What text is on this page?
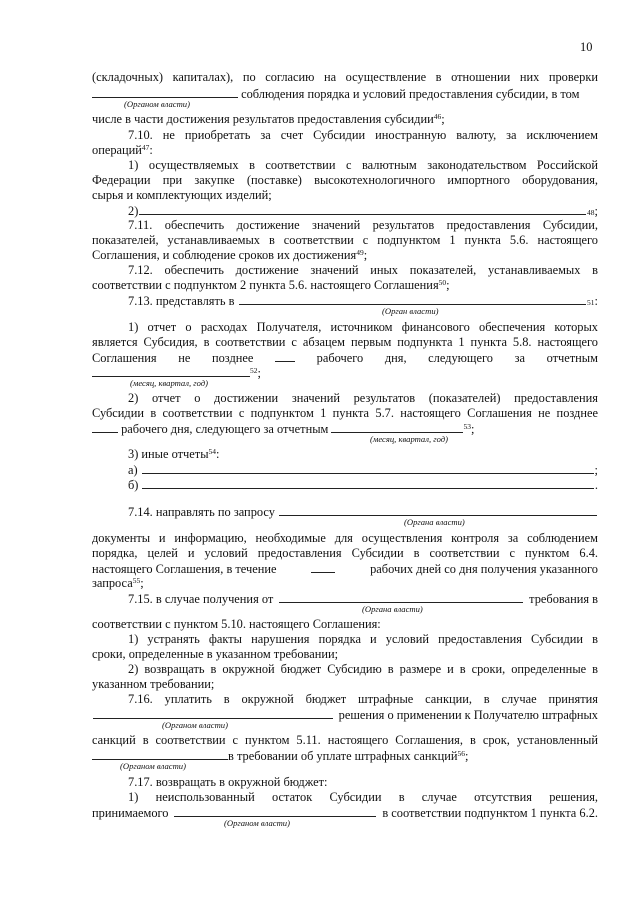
10
(складочных) капиталах), по согласию на осуществление в отношении них проверки
соблюдения порядка и условий предоставления субсидии, в том
(Органом власти)
числе в части достижения результатов предоставления субсидии$^{46}$;
7.10. не приобретать за счет Субсидии иностранную валюту, за исключением
операций$^{47}$:
1) осуществляемых в соответствии с валютным законодательством Российской
Федерации при закупке (поставке) высокотехнологичного импортного оборудования,
сырья и комплектующих изделий;
2)	48 ;
7.11. обеспечить достижение значений результатов предоставления Субсидии,
показателей, устанавливаемых в соответствии с подпунктом 1 пункта 5.6. настоящего
Соглашения, и соблюдение сроков их достижения$^{49}$;
7.12. обеспечить достижение значений иных показателей, устанавливаемых в
соответствии с подпунктом 2 пункта 5.6. настоящего Соглашения$^{50}$;
7.13. представлять в	51 :
(Орган власти)
1) отчет о расходах Получателя, источником финансового обеспечения которых
является Субсидия, в соответствии с абзацем первым подпункта 1 пункта 5.8. настоящего
Соглашения не позднее	рабочего дня, следующего за отчетным
$^{52}$;
(месяц, квартал, год)
2) отчет о достижении значений результатов (показателей) предоставления
Субсидии в соответствии с подпунктом 1 пункта 5.7. настоящего Соглашения не позднее
рабочего дня, следующего за отчетным	$^{53}$;
(месяц, квартал, год)
3) иные отчеты$^{54}$:
а)	;
б)	.
7.14. направлять по запросу
(Органа власти)
документы и информацию, необходимые для осуществления контроля за соблюдением
порядка, целей и условий предоставления Субсидии в соответствии с пунктом 6.4.
настоящего Соглашения, в течение	рабочих дней со дня получения указанного
запроса$^{55}$;
7.15. в случае получения от	требования в
(Органа власти)
соответствии с пунктом 5.10. настоящего Соглашения:
1) устранять факты нарушения порядка и условий предоставления Субсидии в
сроки, определенные в указанном требовании;
2) возвращать в окружной бюджет Субсидию в размере и в сроки, определенные в
указанном требовании;
7.16. уплатить в окружной бюджет штрафные санкции, в случае принятия
решения о применении к Получателю штрафных
(Органом власти)
санкций в соответствии с пунктом 5.11. настоящего Соглашения, в срок, установленный
в требовании об уплате штрафных санкций$^{56}$;
(Органом власти)
7.17. возвращать в окружной бюджет:
1) неиспользованный остаток Субсидии в случае отсутствия решения,
принимаемого	в соответствии подпунктом 1 пункта 6.2.
(Органом власти)
